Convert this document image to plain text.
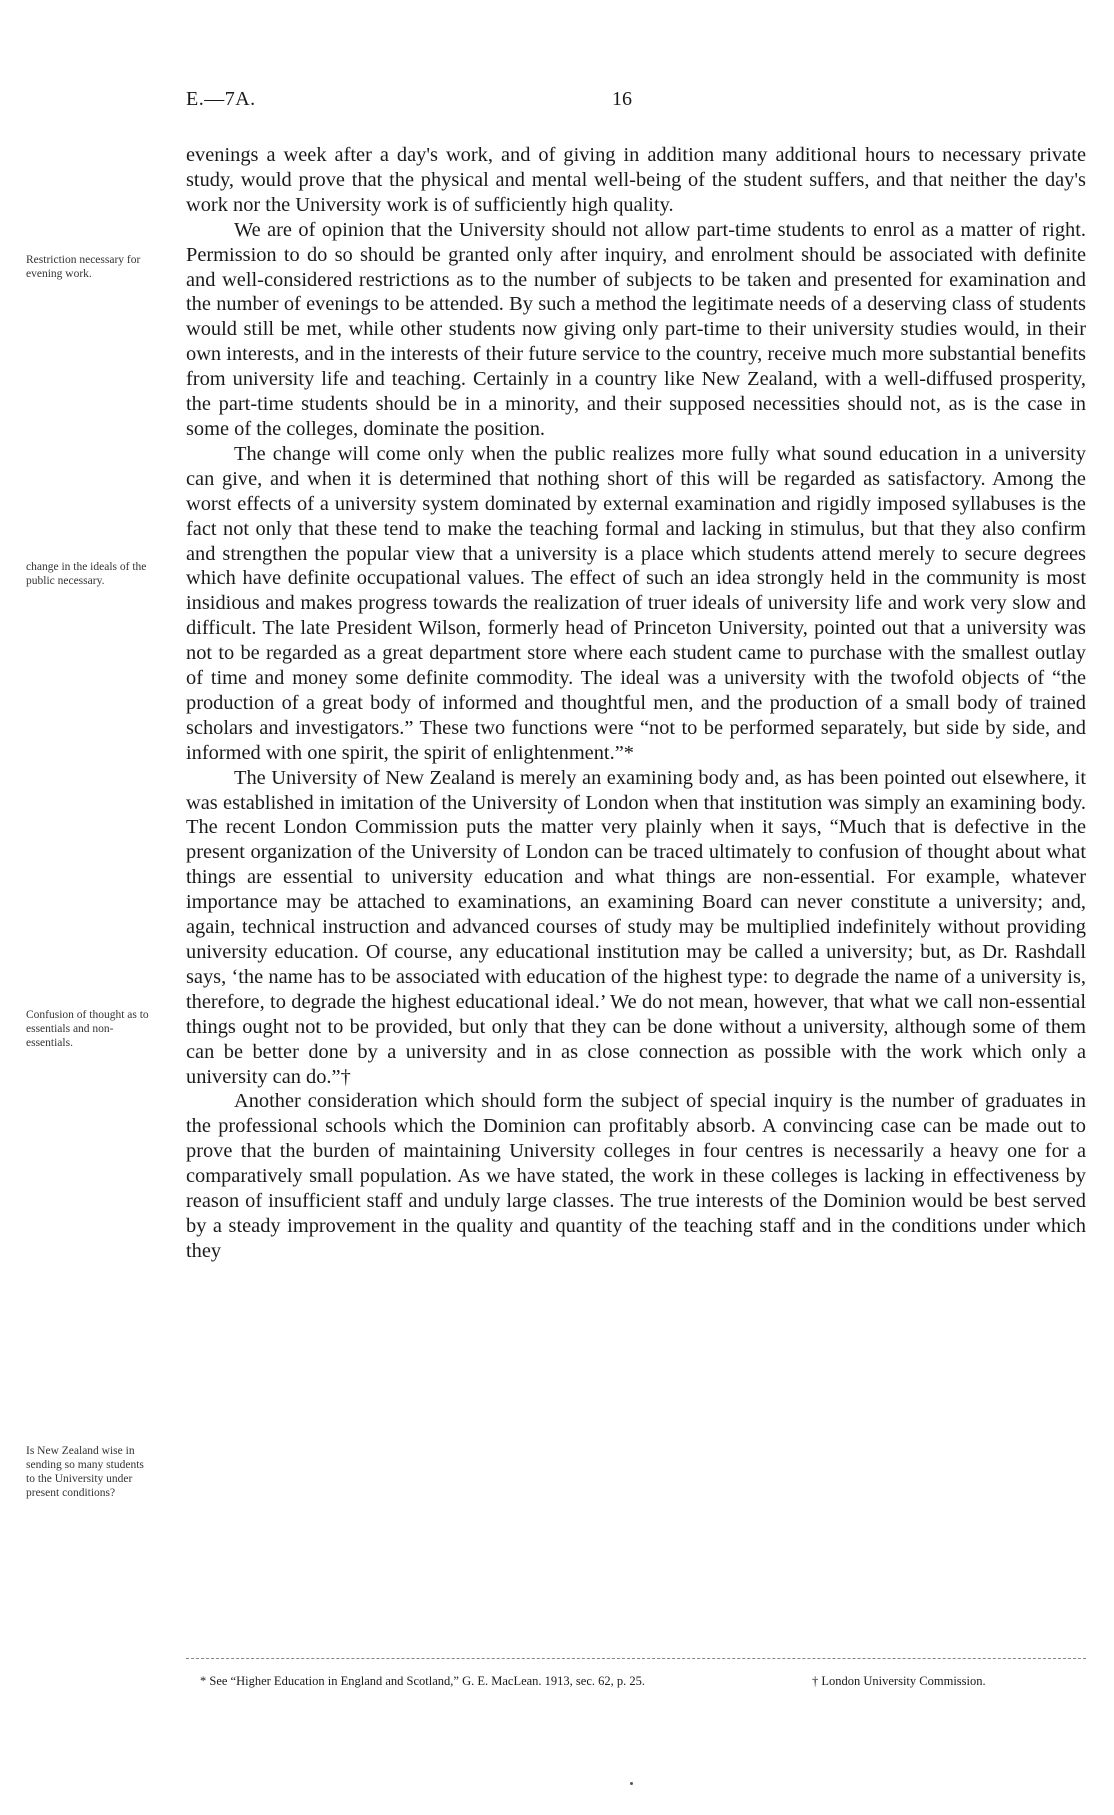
E.—7A.	16
Restriction necessary for evening work.
change in the ideals of the public necessary.
Confusion of thought as to essentials and non-essentials.
Is New Zealand wise in sending so many students to the University under present conditions?

evenings a week after a day's work, and of giving in addition many additional hours to necessary private study, would prove that the physical and mental well-being of the student suffers, and that neither the day's work nor the University work is of sufficiently high quality.

We are of opinion that the University should not allow part-time students to enrol as a matter of right. Permission to do so should be granted only after inquiry, and enrolment should be associated with definite and well-considered restrictions as to the number of subjects to be taken and presented for examination and the number of evenings to be attended. By such a method the legitimate needs of a deserving class of students would still be met, while other students now giving only part-time to their university studies would, in their own interests, and in the interests of their future service to the country, receive much more substantial benefits from university life and teaching. Certainly in a country like New Zealand, with a well-diffused prosperity, the part-time students should be in a minority, and their supposed necessities should not, as is the case in some of the colleges, dominate the position.

The change will come only when the public realizes more fully what sound education in a university can give, and when it is determined that nothing short of this will be regarded as satisfactory. Among the worst effects of a university system dominated by external examination and rigidly imposed syllabuses is the fact not only that these tend to make the teaching formal and lacking in stimulus, but that they also confirm and strengthen the popular view that a university is a place which students attend merely to secure degrees which have definite occupational values. The effect of such an idea strongly held in the community is most insidious and makes progress towards the realization of truer ideals of university life and work very slow and difficult. The late President Wilson, formerly head of Princeton University, pointed out that a university was not to be regarded as a great department store where each student came to purchase with the smallest outlay of time and money some definite commodity. The ideal was a university with the twofold objects of “the production of a great body of informed and thoughtful men, and the production of a small body of trained scholars and investigators.” These two functions were “not to be performed separately, but side by side, and informed with one spirit, the spirit of enlightenment.”*

The University of New Zealand is merely an examining body and, as has been pointed out elsewhere, it was established in imitation of the University of London when that institution was simply an examining body. The recent London Commission puts the matter very plainly when it says, “Much that is defective in the present organization of the University of London can be traced ultimately to confusion of thought about what things are essential to university education and what things are non-essential. For example, whatever importance may be attached to examinations, an examining Board can never constitute a university; and, again, technical instruction and advanced courses of study may be multiplied indefinitely without providing university education. Of course, any educational institution may be called a university; but, as Dr. Rashdall says, ‘the name has to be associated with education of the highest type: to degrade the name of a university is, therefore, to degrade the highest educational ideal.’ We do not mean, however, that what we call non-essential things ought not to be provided, but only that they can be done without a university, although some of them can be better done by a university and in as close connection as possible with the work which only a university can do.”†

Another consideration which should form the subject of special inquiry is the number of graduates in the professional schools which the Dominion can profitably absorb. A convincing case can be made out to prove that the burden of maintaining University colleges in four centres is necessarily a heavy one for a comparatively small population. As we have stated, the work in these colleges is lacking in effectiveness by reason of insufficient staff and unduly large classes. The true interests of the Dominion would be best served by a steady improvement in the quality and quantity of the teaching staff and in the conditions under which they

* See “Higher Education in England and Scotland,” G. E. MacLean. 1913, sec. 62, p. 25.	† London University Commission.
